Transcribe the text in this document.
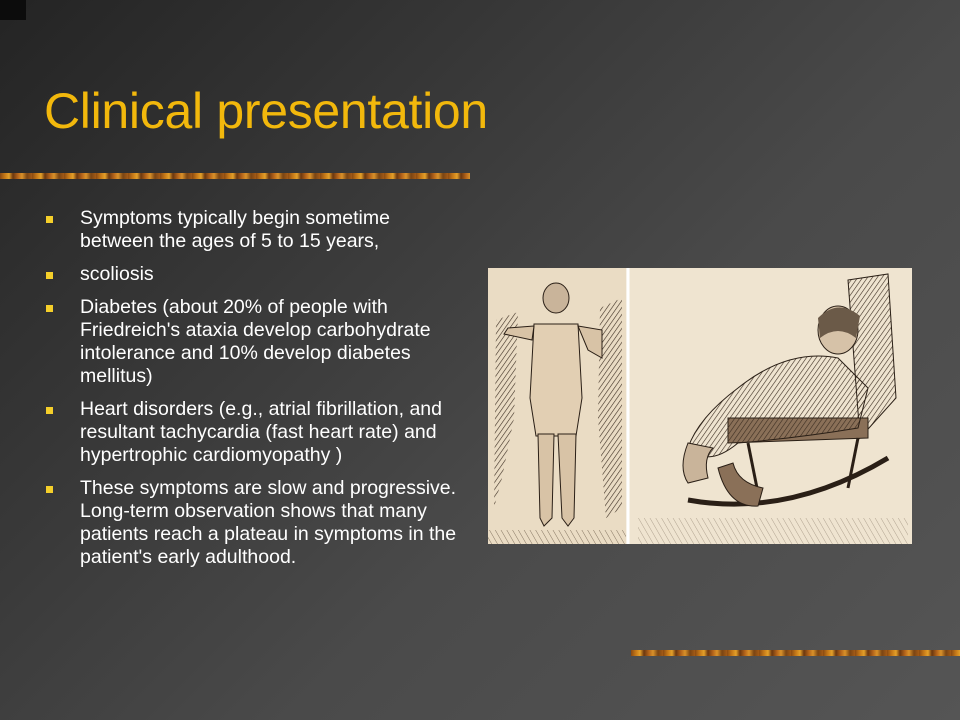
Clinical presentation
Symptoms typically begin sometime between the ages of 5 to 15 years,
scoliosis
Diabetes (about 20% of people with Friedreich's ataxia develop carbohydrate intolerance and 10% develop diabetes mellitus)
Heart disorders (e.g., atrial fibrillation, and resultant tachycardia (fast heart rate) and hypertrophic cardiomyopathy )
These symptoms are slow and progressive. Long-term observation shows that many patients reach a plateau in symptoms in the patient's early adulthood.
